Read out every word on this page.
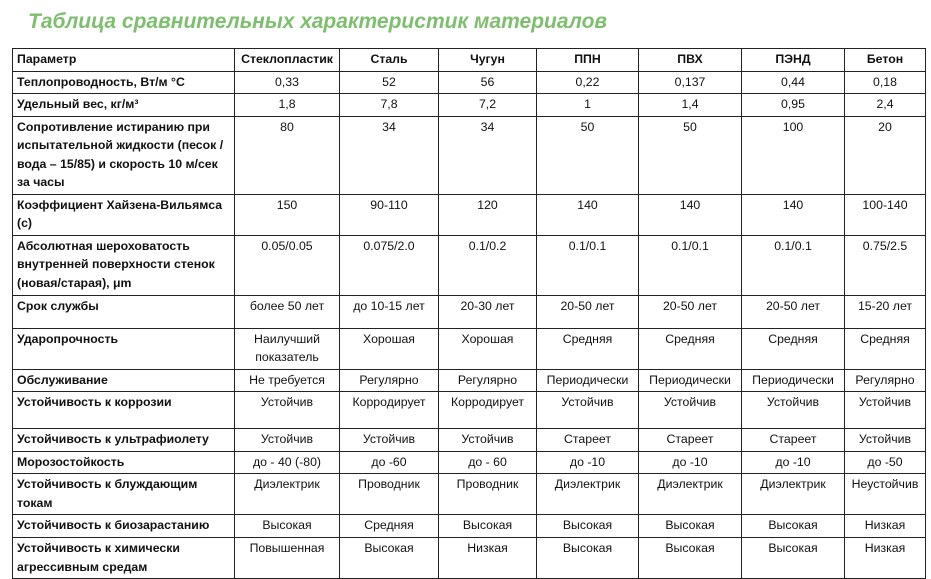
Таблица сравнительных характеристик материалов
Параметр	Стеклопластик	Сталь	Чугун	ППН	ПВХ	ПЭНД	Бетон
Теплопроводность, Вт/м °С	0,33	52	56	0,22	0,137	0,44	0,18
Удельный вес, кг/м³	1,8	7,8	7,2	1	1,4	0,95	2,4
Сопротивление истиранию при испытательной жидкости (песок / вода – 15/85) и скорость 10 м/сек за часы	80	34	34	50	50	100	20
Коэффициент Хайзена-Вильямса (с)	150	90-110	120	140	140	140	100-140
Абсолютная шероховатость внутренней поверхности стенок (новая/старая), μm	0.05/0.05	0.075/2.0	0.1/0.2	0.1/0.1	0.1/0.1	0.1/0.1	0.75/2.5
Срок службы	более 50 лет	до 10-15 лет	20-30 лет	20-50 лет	20-50 лет	20-50 лет	15-20 лет
Ударопрочность	Наилучший показатель	Хорошая	Хорошая	Средняя	Средняя	Средняя	Средняя
Обслуживание	Не требуется	Регулярно	Регулярно	Периодически	Периодически	Периодически	Регулярно
Устойчивость к коррозии	Устойчив	Корродирует	Корродирует	Устойчив	Устойчив	Устойчив	Устойчив
Устойчивость к ультрафиолету	Устойчив	Устойчив	Устойчив	Стареет	Стареет	Стареет	Устойчив
Морозостойкость	до - 40 (-80)	до -60	до - 60	до -10	до -10	до -10	до -50
Устойчивость к блуждающим токам	Диэлектрик	Проводник	Проводник	Диэлектрик	Диэлектрик	Диэлектрик	Неустойчив
Устойчивость к биозарастанию	Высокая	Средняя	Высокая	Высокая	Высокая	Высокая	Низкая
Устойчивость к химически агрессивным средам	Повышенная	Высокая	Низкая	Высокая	Высокая	Высокая	Низкая
